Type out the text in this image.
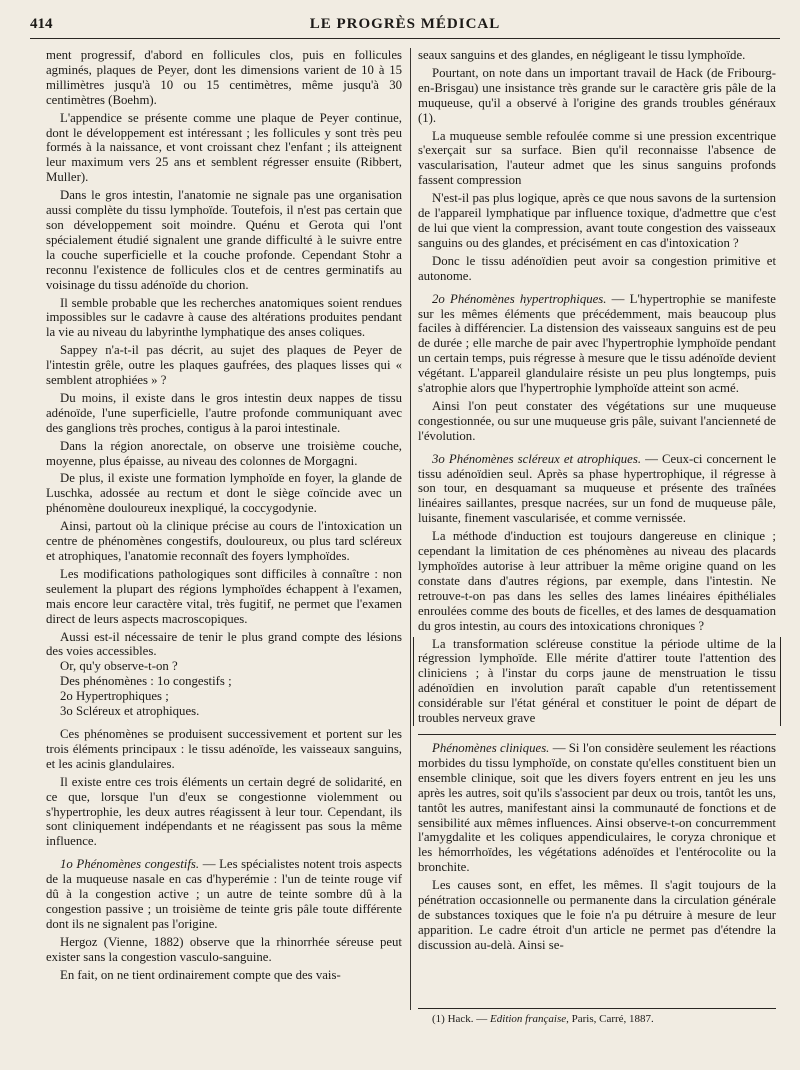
414	LE PROGRÈS MÉDICAL

ment progressif, d'abord en follicules clos, puis en follicules agminés, plaques de Peyer, dont les dimensions varient de 10 à 15 millimètres jusqu'à 10 ou 15 centimètres, même jusqu'à 30 centimètres (Boehm).

L'appendice se présente comme une plaque de Peyer continue, dont le développement est intéressant ; les follicules y sont très peu formés à la naissance, et vont croissant chez l'enfant ; ils atteignent leur maximum vers 25 ans et semblent régresser ensuite (Ribbert, Muller).

Dans le gros intestin, l'anatomie ne signale pas une organisation aussi complète du tissu lymphoïde. Toutefois, il n'est pas certain que son développement soit moindre. Quénu et Gerota qui l'ont spécialement étudié signalent une grande difficulté à le suivre entre la couche superficielle et la couche profonde. Cependant Stohr a reconnu l'existence de follicules clos et de centres germinatifs au voisinage du tissu adénoïde du chorion.

Il semble probable que les recherches anatomiques soient rendues impossibles sur le cadavre à cause des altérations produites pendant la vie au niveau du labyrinthe lymphatique des anses coliques.

Sappey n'a-t-il pas décrit, au sujet des plaques de Peyer de l'intestin grêle, outre les plaques gaufrées, des plaques lisses qui « semblent atrophiées » ?

Du moins, il existe dans le gros intestin deux nappes de tissu adénoïde, l'une superficielle, l'autre profonde communiquant avec des ganglions très proches, contigus à la paroi intestinale.

Dans la région anorectale, on observe une troisième couche, moyenne, plus épaisse, au niveau des colonnes de Morgagni.

De plus, il existe une formation lymphoïde en foyer, la glande de Luschka, adossée au rectum et dont le siège coïncide avec un phénomène douloureux inexpliqué, la coccygodynie.

Ainsi, partout où la clinique précise au cours de l'intoxication un centre de phénomènes congestifs, douloureux, ou plus tard scléreux et atrophiques, l'anatomie reconnaît des foyers lymphoïdes.

Les modifications pathologiques sont difficiles à connaître : non seulement la plupart des régions lymphoïdes échappent à l'examen, mais encore leur caractère vital, très fugitif, ne permet que l'examen direct de leurs aspects macroscopiques.

Aussi est-il nécessaire de tenir le plus grand compte des lésions des voies accessibles.

Or, qu'y observe-t-on ?

Des phénomènes : 1o congestifs ;

2o Hypertrophiques ;

3o Scléreux et atrophiques.

Ces phénomènes se produisent successivement et portent sur les trois éléments principaux : le tissu adénoïde, les vaisseaux sanguins, et les acinis glandulaires.

Il existe entre ces trois éléments un certain degré de solidarité, en ce que, lorsque l'un d'eux se congestionne violemment ou s'hypertrophie, les deux autres réagissent à leur tour. Cependant, ils sont cliniquement indépendants et ne réagissent pas sous la même influence.

1o Phénomènes congestifs. — Les spécialistes notent trois aspects de la muqueuse nasale en cas d'hyperémie : l'un de teinte rouge vif dû à la congestion active ; un autre de teinte sombre dû à la congestion passive ; un troisième de teinte gris pâle toute différente dont ils ne signalent pas l'origine.

Hergoz (Vienne, 1882) observe que la rhinorrhée séreuse peut exister sans la congestion vasculo-sanguine.

En fait, on ne tient ordinairement compte que des vais-

seaux sanguins et des glandes, en négligeant le tissu lymphoïde.

Pourtant, on note dans un important travail de Hack (de Fribourg-en-Brisgau) une insistance très grande sur le caractère gris pâle de la muqueuse, qu'il a observé à l'origine des grands troubles généraux (1).

La muqueuse semble refoulée comme si une pression excentrique s'exerçait sur sa surface. Bien qu'il reconnaisse l'absence de vascularisation, l'auteur admet que les sinus sanguins profonds fassent compression

N'est-il pas plus logique, après ce que nous savons de la surtension de l'appareil lymphatique par influence toxique, d'admettre que c'est de lui que vient la compression, avant toute congestion des vaisseaux sanguins ou des glandes, et précisément en cas d'intoxication ?

Donc le tissu adénoïdien peut avoir sa congestion primitive et autonome.

2o Phénomènes hypertrophiques. — L'hypertrophie se manifeste sur les mêmes éléments que précédemment, mais beaucoup plus faciles à différencier. La distension des vaisseaux sanguins est de peu de durée ; elle marche de pair avec l'hypertrophie lymphoïde pendant un certain temps, puis régresse à mesure que le tissu adénoïde devient végétant. L'appareil glandulaire résiste un peu plus longtemps, puis s'atrophie alors que l'hypertrophie lymphoïde atteint son acmé.

Ainsi l'on peut constater des végétations sur une muqueuse congestionnée, ou sur une muqueuse gris pâle, suivant l'ancienneté de l'évolution.

3o Phénomènes scléreux et atrophiques. — Ceux-ci concernent le tissu adénoïdien seul. Après sa phase hypertrophique, il régresse à son tour, en desquamant sa muqueuse et présente des traînées linéaires saillantes, presque nacrées, sur un fond de muqueuse pâle, luisante, finement vascularisée, et comme vernissée.

La méthode d'induction est toujours dangereuse en clinique ; cependant la limitation de ces phénomènes au niveau des placards lymphoïdes autorise à leur attribuer la même origine quand on les constate dans d'autres régions, par exemple, dans l'intestin. Ne retrouve-t-on pas dans les selles des lames linéaires épithéliales enroulées comme des bouts de ficelles, et des lames de desquamation du gros intestin, au cours des intoxications chroniques ?

La transformation scléreuse constitue la période ultime de la régression lymphoïde. Elle mérite d'attirer toute l'attention des cliniciens ; à l'instar du corps jaune de menstruation le tissu adénoïdien en involution paraît capable d'un retentissement considérable sur l'état général et constituer le point de départ de troubles nerveux grave

Phénomènes cliniques. — Si l'on considère seulement les réactions morbides du tissu lymphoïde, on constate qu'elles constituent bien un ensemble clinique, soit que les divers foyers entrent en jeu les uns après les autres, soit qu'ils s'associent par deux ou trois, tantôt les uns, tantôt les autres, manifestant ainsi la communauté de fonctions et de sensibilité aux mêmes influences. Ainsi observe-t-on concurremment l'amygdalite et les coliques appendiculaires, le coryza chronique et les hémorrhoïdes, les végétations adénoïdes et l'entérocolite ou la bronchite.

Les causes sont, en effet, les mêmes. Il s'agit toujours de la pénétration occasionnelle ou permanente dans la circulation générale de substances toxiques que le foie n'a pu détruire à mesure de leur apparition. Le cadre étroit d'un article ne permet pas d'étendre la discussion au-delà. Ainsi se-

(1) Hack. — Edition française, Paris, Carré, 1887.
